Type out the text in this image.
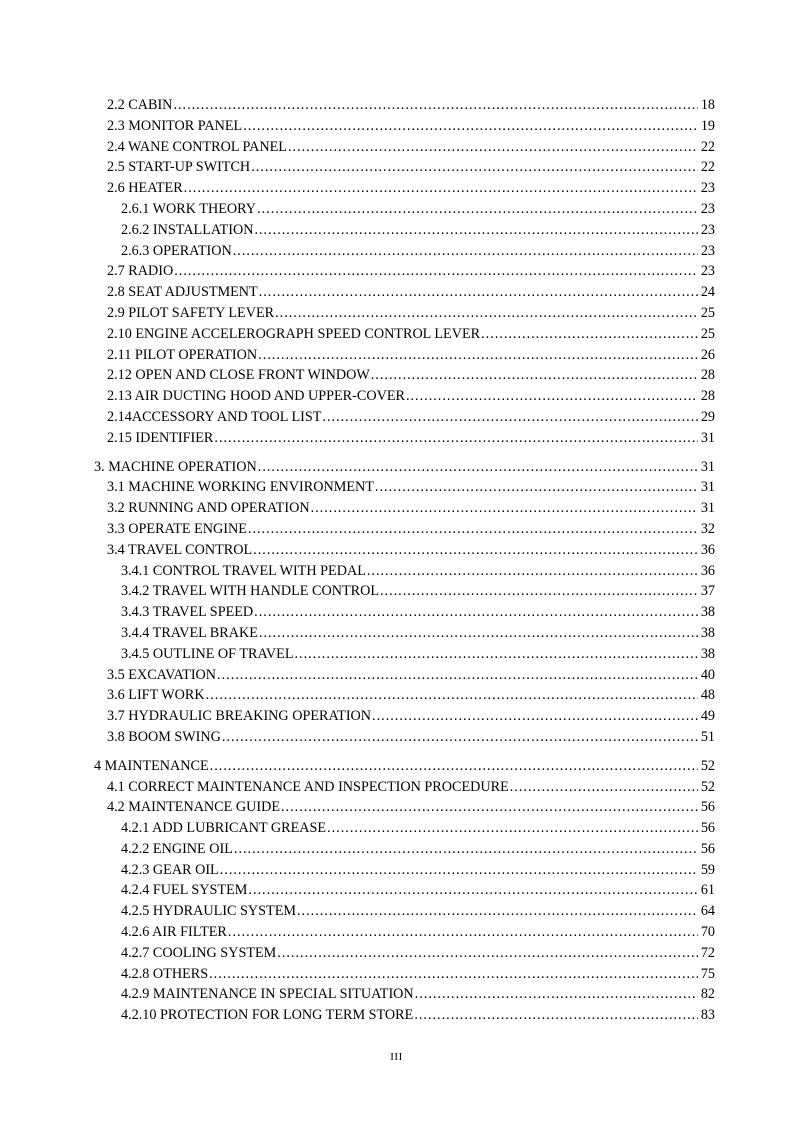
2.2 CABIN .....	18
2.3 MONITOR PANEL .....	19
2.4 WANE CONTROL PANEL .....	22
2.5 START-UP SWITCH .....	22
2.6 HEATER .....	23
2.6.1 WORK THEORY .....	23
2.6.2 INSTALLATION .....	23
2.6.3 OPERATION .....	23
2.7 RADIO .....	23
2.8 SEAT ADJUSTMENT .....	24
2.9 PILOT SAFETY LEVER .....	25
2.10 ENGINE ACCELEROGRAPH SPEED CONTROL LEVER .....	25
2.11 PILOT OPERATION .....	26
2.12 OPEN AND CLOSE FRONT WINDOW .....	28
2.13 AIR DUCTING HOOD AND UPPER-COVER .....	28
2.14ACCESSORY AND TOOL LIST .....	29
2.15 IDENTIFIER .....	31
3. MACHINE OPERATION .....	31
3.1 MACHINE WORKING ENVIRONMENT .....	31
3.2 RUNNING AND OPERATION .....	31
3.3 OPERATE ENGINE .....	32
3.4 TRAVEL CONTROL .....	36
3.4.1 CONTROL TRAVEL WITH PEDAL .....	36
3.4.2 TRAVEL WITH HANDLE CONTROL .....	37
3.4.3 TRAVEL SPEED .....	38
3.4.4 TRAVEL BRAKE .....	38
3.4.5 OUTLINE OF TRAVEL .....	38
3.5 EXCAVATION .....	40
3.6 LIFT WORK .....	48
3.7 HYDRAULIC BREAKING OPERATION .....	49
3.8 BOOM SWING .....	51
4 MAINTENANCE .....	52
4.1 CORRECT MAINTENANCE AND INSPECTION PROCEDURE .....	52
4.2 MAINTENANCE GUIDE .....	56
4.2.1 ADD LUBRICANT GREASE .....	56
4.2.2 ENGINE OIL .....	56
4.2.3 GEAR OIL .....	59
4.2.4 FUEL SYSTEM .....	61
4.2.5 HYDRAULIC SYSTEM .....	64
4.2.6 AIR FILTER .....	70
4.2.7 COOLING SYSTEM .....	72
4.2.8 OTHERS .....	75
4.2.9 MAINTENANCE IN SPECIAL SITUATION .....	82
4.2.10 PROTECTION FOR LONG TERM STORE .....	83
III
